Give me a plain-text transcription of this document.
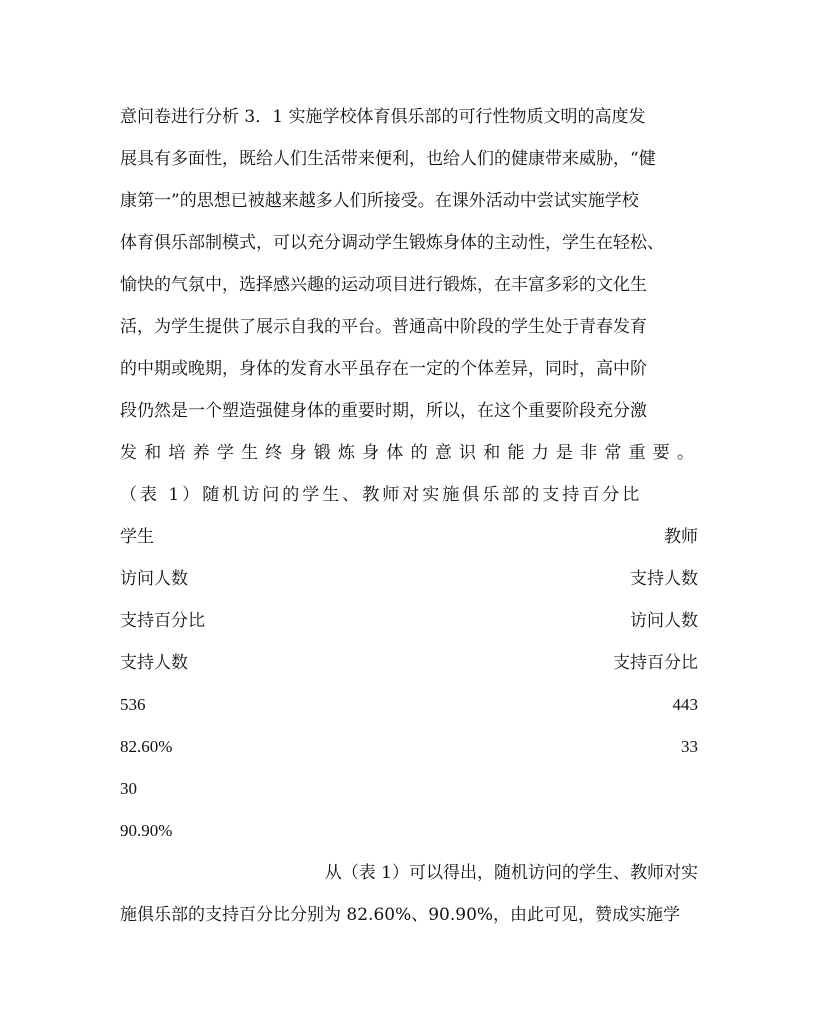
意问卷进行分析 3．1 实施学校体育俱乐部的可行性物质文明的高度发
展具有多面性，既给人们生活带来便利，也给人们的健康带来威胁，“健
康第一”的思想已被越来越多人们所接受。在课外活动中尝试实施学校
体育俱乐部制模式，可以充分调动学生锻炼身体的主动性，学生在轻松、
愉快的气氛中，选择感兴趣的运动项目进行锻炼，在丰富多彩的文化生
活，为学生提供了展示自我的平台。普通高中阶段的学生处于青春发育
的中期或晚期，身体的发育水平虽存在一定的个体差异，同时，高中阶
段仍然是一个塑造强健身体的重要时期，所以，在这个重要阶段充分激
发和培养学生终身锻炼身体的意识和能力是非常重要。
（表 1）随机访问的学生、教师对实施俱乐部的支持百分比
学生	教师
访问人数	支持人数
支持百分比	访问人数
支持人数	支持百分比
536	443
82.60%	33
30
90.90%
从（表 1）可以得出，随机访问的学生、教师对实
施俱乐部的支持百分比分别为 82.60%、90.90%，由此可见，赞成实施学
